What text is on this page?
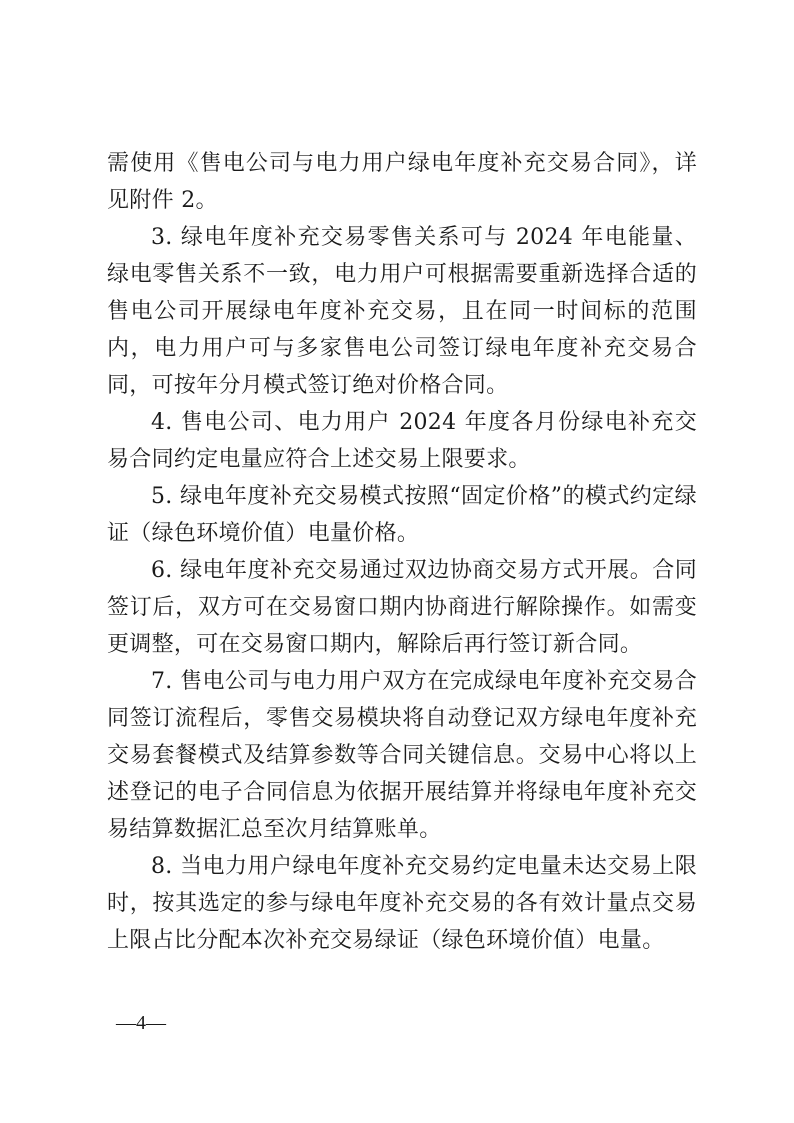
需使用《售电公司与电力用户绿电年度补充交易合同》，详见附件 2。

3. 绿电年度补充交易零售关系可与 2024 年电能量、绿电零售关系不一致，电力用户可根据需要重新选择合适的售电公司开展绿电年度补充交易，且在同一时间标的范围内，电力用户可与多家售电公司签订绿电年度补充交易合同，可按年分月模式签订绝对价格合同。

4. 售电公司、电力用户 2024 年度各月份绿电补充交易合同约定电量应符合上述交易上限要求。

5. 绿电年度补充交易模式按照“固定价格”的模式约定绿证（绿色环境价值）电量价格。

6. 绿电年度补充交易通过双边协商交易方式开展。合同签订后，双方可在交易窗口期内协商进行解除操作。如需变更调整，可在交易窗口期内，解除后再行签订新合同。

7. 售电公司与电力用户双方在完成绿电年度补充交易合同签订流程后，零售交易模块将自动登记双方绿电年度补充交易套餐模式及结算参数等合同关键信息。交易中心将以上述登记的电子合同信息为依据开展结算并将绿电年度补充交易结算数据汇总至次月结算账单。

8. 当电力用户绿电年度补充交易约定电量未达交易上限时，按其选定的参与绿电年度补充交易的各有效计量点交易上限占比分配本次补充交易绿证（绿色环境价值）电量。

—4—
